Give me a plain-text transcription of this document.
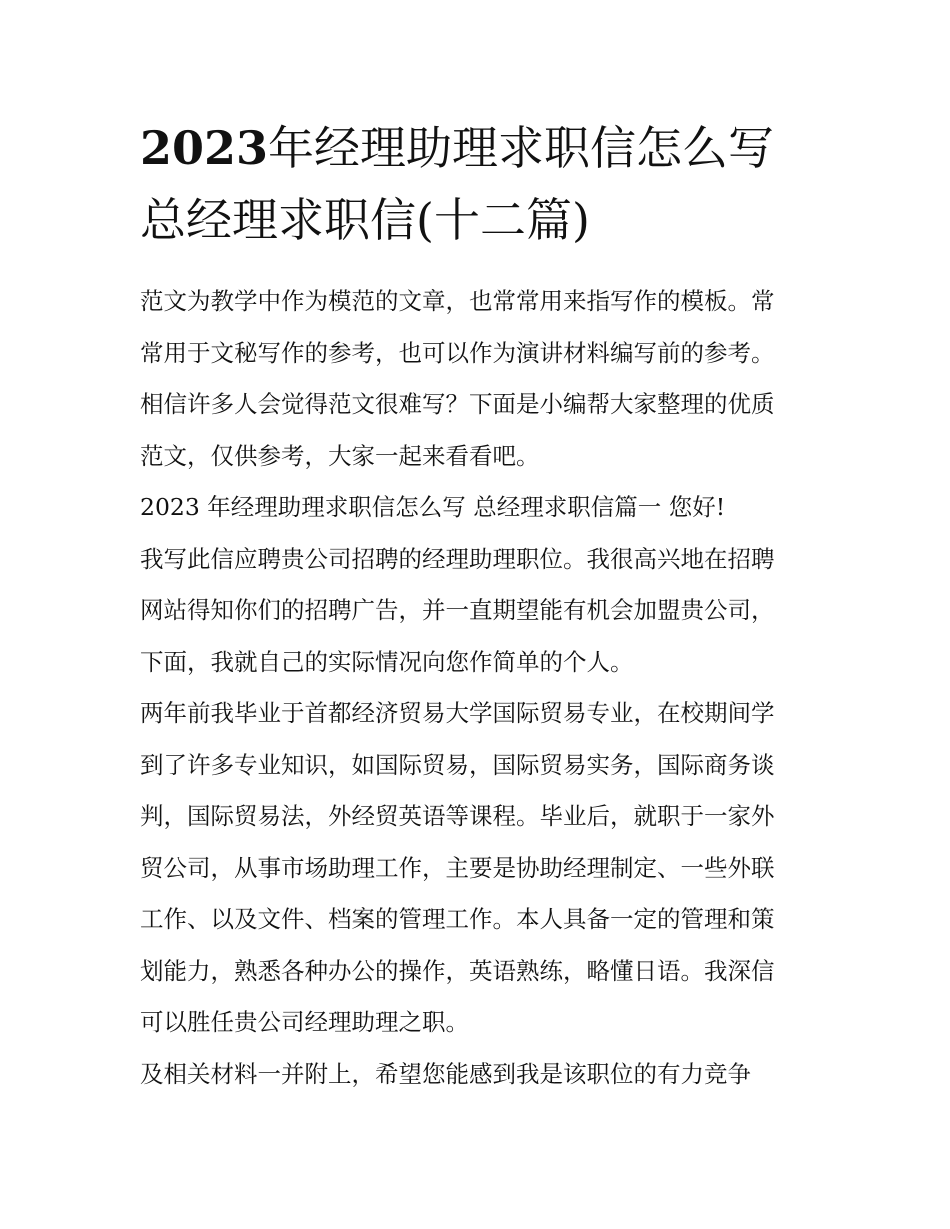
2023年经理助理求职信怎么写
总经理求职信(十二篇)

范文为教学中作为模范的文章，也常常用来指写作的模板。常
常用于文秘写作的参考，也可以作为演讲材料编写前的参考。
相信许多人会觉得范文很难写？下面是小编帮大家整理的优质
范文，仅供参考，大家一起来看看吧。

2023 年经理助理求职信怎么写 总经理求职信篇一 您好!

我写此信应聘贵公司招聘的经理助理职位。我很高兴地在招聘
网站得知你们的招聘广告，并一直期望能有机会加盟贵公司，
下面，我就自己的实际情况向您作简单的个人。

两年前我毕业于首都经济贸易大学国际贸易专业，在校期间学
到了许多专业知识，如国际贸易，国际贸易实务，国际商务谈
判，国际贸易法，外经贸英语等课程。毕业后，就职于一家外
贸公司，从事市场助理工作，主要是协助经理制定、一些外联
工作、以及文件、档案的管理工作。本人具备一定的管理和策
划能力，熟悉各种办公的操作，英语熟练，略懂日语。我深信
可以胜任贵公司经理助理之职。

及相关材料一并附上，希望您能感到我是该职位的有力竞争
